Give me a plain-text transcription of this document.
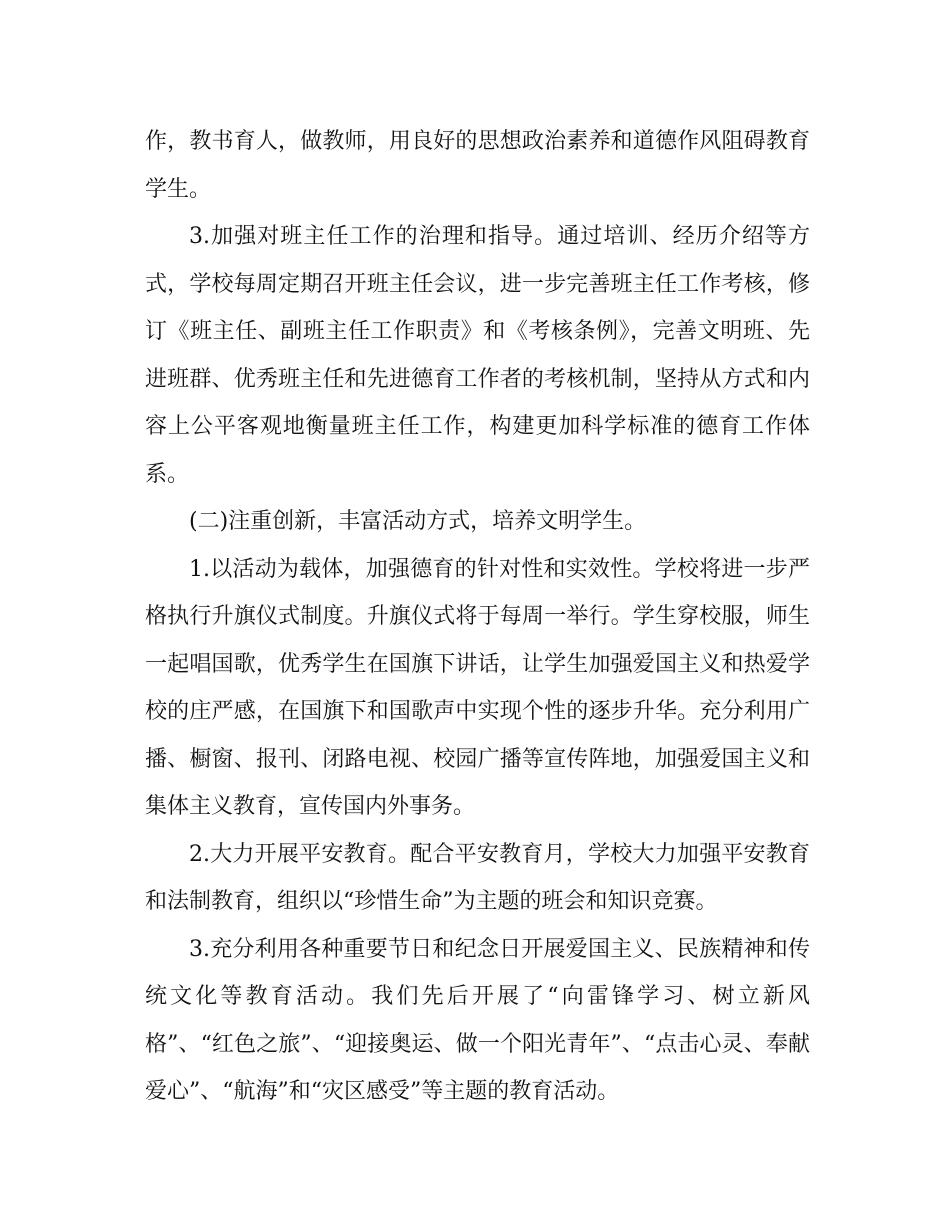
作，教书育人，做教师，用良好的思想政治素养和道德作风阻碍教育学生。

3.加强对班主任工作的治理和指导。通过培训、经历介绍等方式，学校每周定期召开班主任会议，进一步完善班主任工作考核，修订《班主任、副班主任工作职责》和《考核条例》，完善文明班、先进班群、优秀班主任和先进德育工作者的考核机制，坚持从方式和内容上公平客观地衡量班主任工作，构建更加科学标准的德育工作体系。

(二)注重创新，丰富活动方式，培养文明学生。

1.以活动为载体，加强德育的针对性和实效性。学校将进一步严格执行升旗仪式制度。升旗仪式将于每周一举行。学生穿校服，师生一起唱国歌，优秀学生在国旗下讲话，让学生加强爱国主义和热爱学校的庄严感，在国旗下和国歌声中实现个性的逐步升华。充分利用广播、橱窗、报刊、闭路电视、校园广播等宣传阵地，加强爱国主义和集体主义教育，宣传国内外事务。

2.大力开展平安教育。配合平安教育月，学校大力加强平安教育和法制教育，组织以“珍惜生命”为主题的班会和知识竞赛。

3.充分利用各种重要节日和纪念日开展爱国主义、民族精神和传统文化等教育活动。我们先后开展了“向雷锋学习、树立新风格”、“红色之旅”、“迎接奥运、做一个阳光青年”、“点击心灵、奉献爱心”、“航海”和“灾区感受”等主题的教育活动。
